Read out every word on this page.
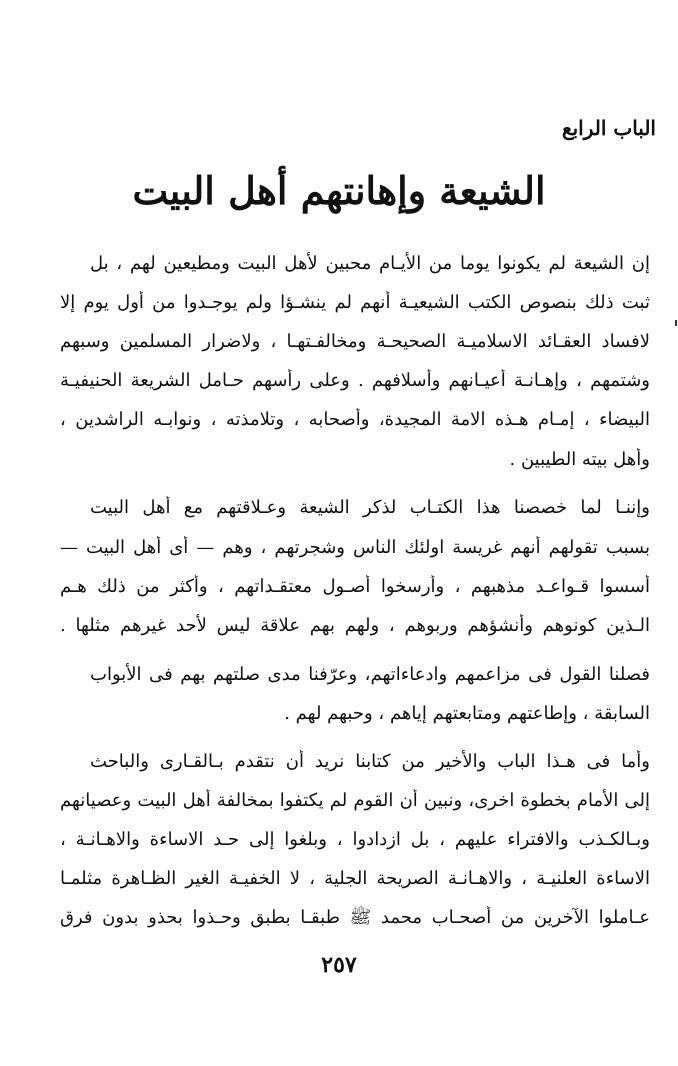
الباب الرابع
الشيعة وإهانتهم أهل البيت
إن الشيعة لم يكونوا يوما من الأيـام محبين لأهل البيت ومطيعين لهم ، بل
ثبت ذلك بنصوص الكتب الشيعيـة أنهم لم ينشـؤا ولم يوجـدوا من أول يوم إلا
لافساد العقـائد الاسلاميـة الصحيحـة ومخالفـتهـا ، ولاضرار المسلمين وسبهم
وشتمهم ، وإهـانـة أعيـانهم وأسلافهم . وعلى رأسهم حـامل الشريعة الحنيفيـة
البيضاء ، إمـام هـذه الامة المجيدة، وأصحابه ، وتلامذته ، ونوابـه الراشدين ،
وأهل بيته الطيبين .
وإننـا لما خصصنا هذا الكتـاب لذكر الشيعة وعـلاقتهم مع أهل البيت
بسبب تقولهم أنهم غريسة اولئك الناس وشجرتهم ، وهم — أى أهل البيت —
أسسوا قـواعـد مذهبهم ، وأرسخوا أصـول معتقـداتهم ، وأكثر من ذلك هـم
الـذين كونوهم وأنشؤهم وربوهم ، ولهم بهم علاقة ليس لأحد غيرهم مثلها .
فصلنا القول فى مزاعمهم وادعاءاتهم، وعرّفنا مدى صلتهم بهم فى الأبواب
السابقة ، وإطاعتهم ومتابعتهم إياهم ، وحبهم لهم .
وأما فى هـذا الباب والأخير من كتابنا نريد أن نتقدم بـالقـارى والباحث
إلى الأمام بخطوة اخرى، ونبين أن القوم لم يكتفوا بمخالفة أهل البيت وعصيانهم
وبـالكـذب والافتراء عليهم ، بل ازدادوا ، وبلغوا إلى حـد الاساءة والاهـانـة ،
الاساءة العلنيـة ، والاهـانـة الصريحة الجلية ، لا الخفيـة الغير الظـاهرة مثلمـا
عـاملوا الآخرين من أصحـاب محمد ﷺ طبقـا بطبق وحـذوا بحذو بدون فرق
٢٥٧
